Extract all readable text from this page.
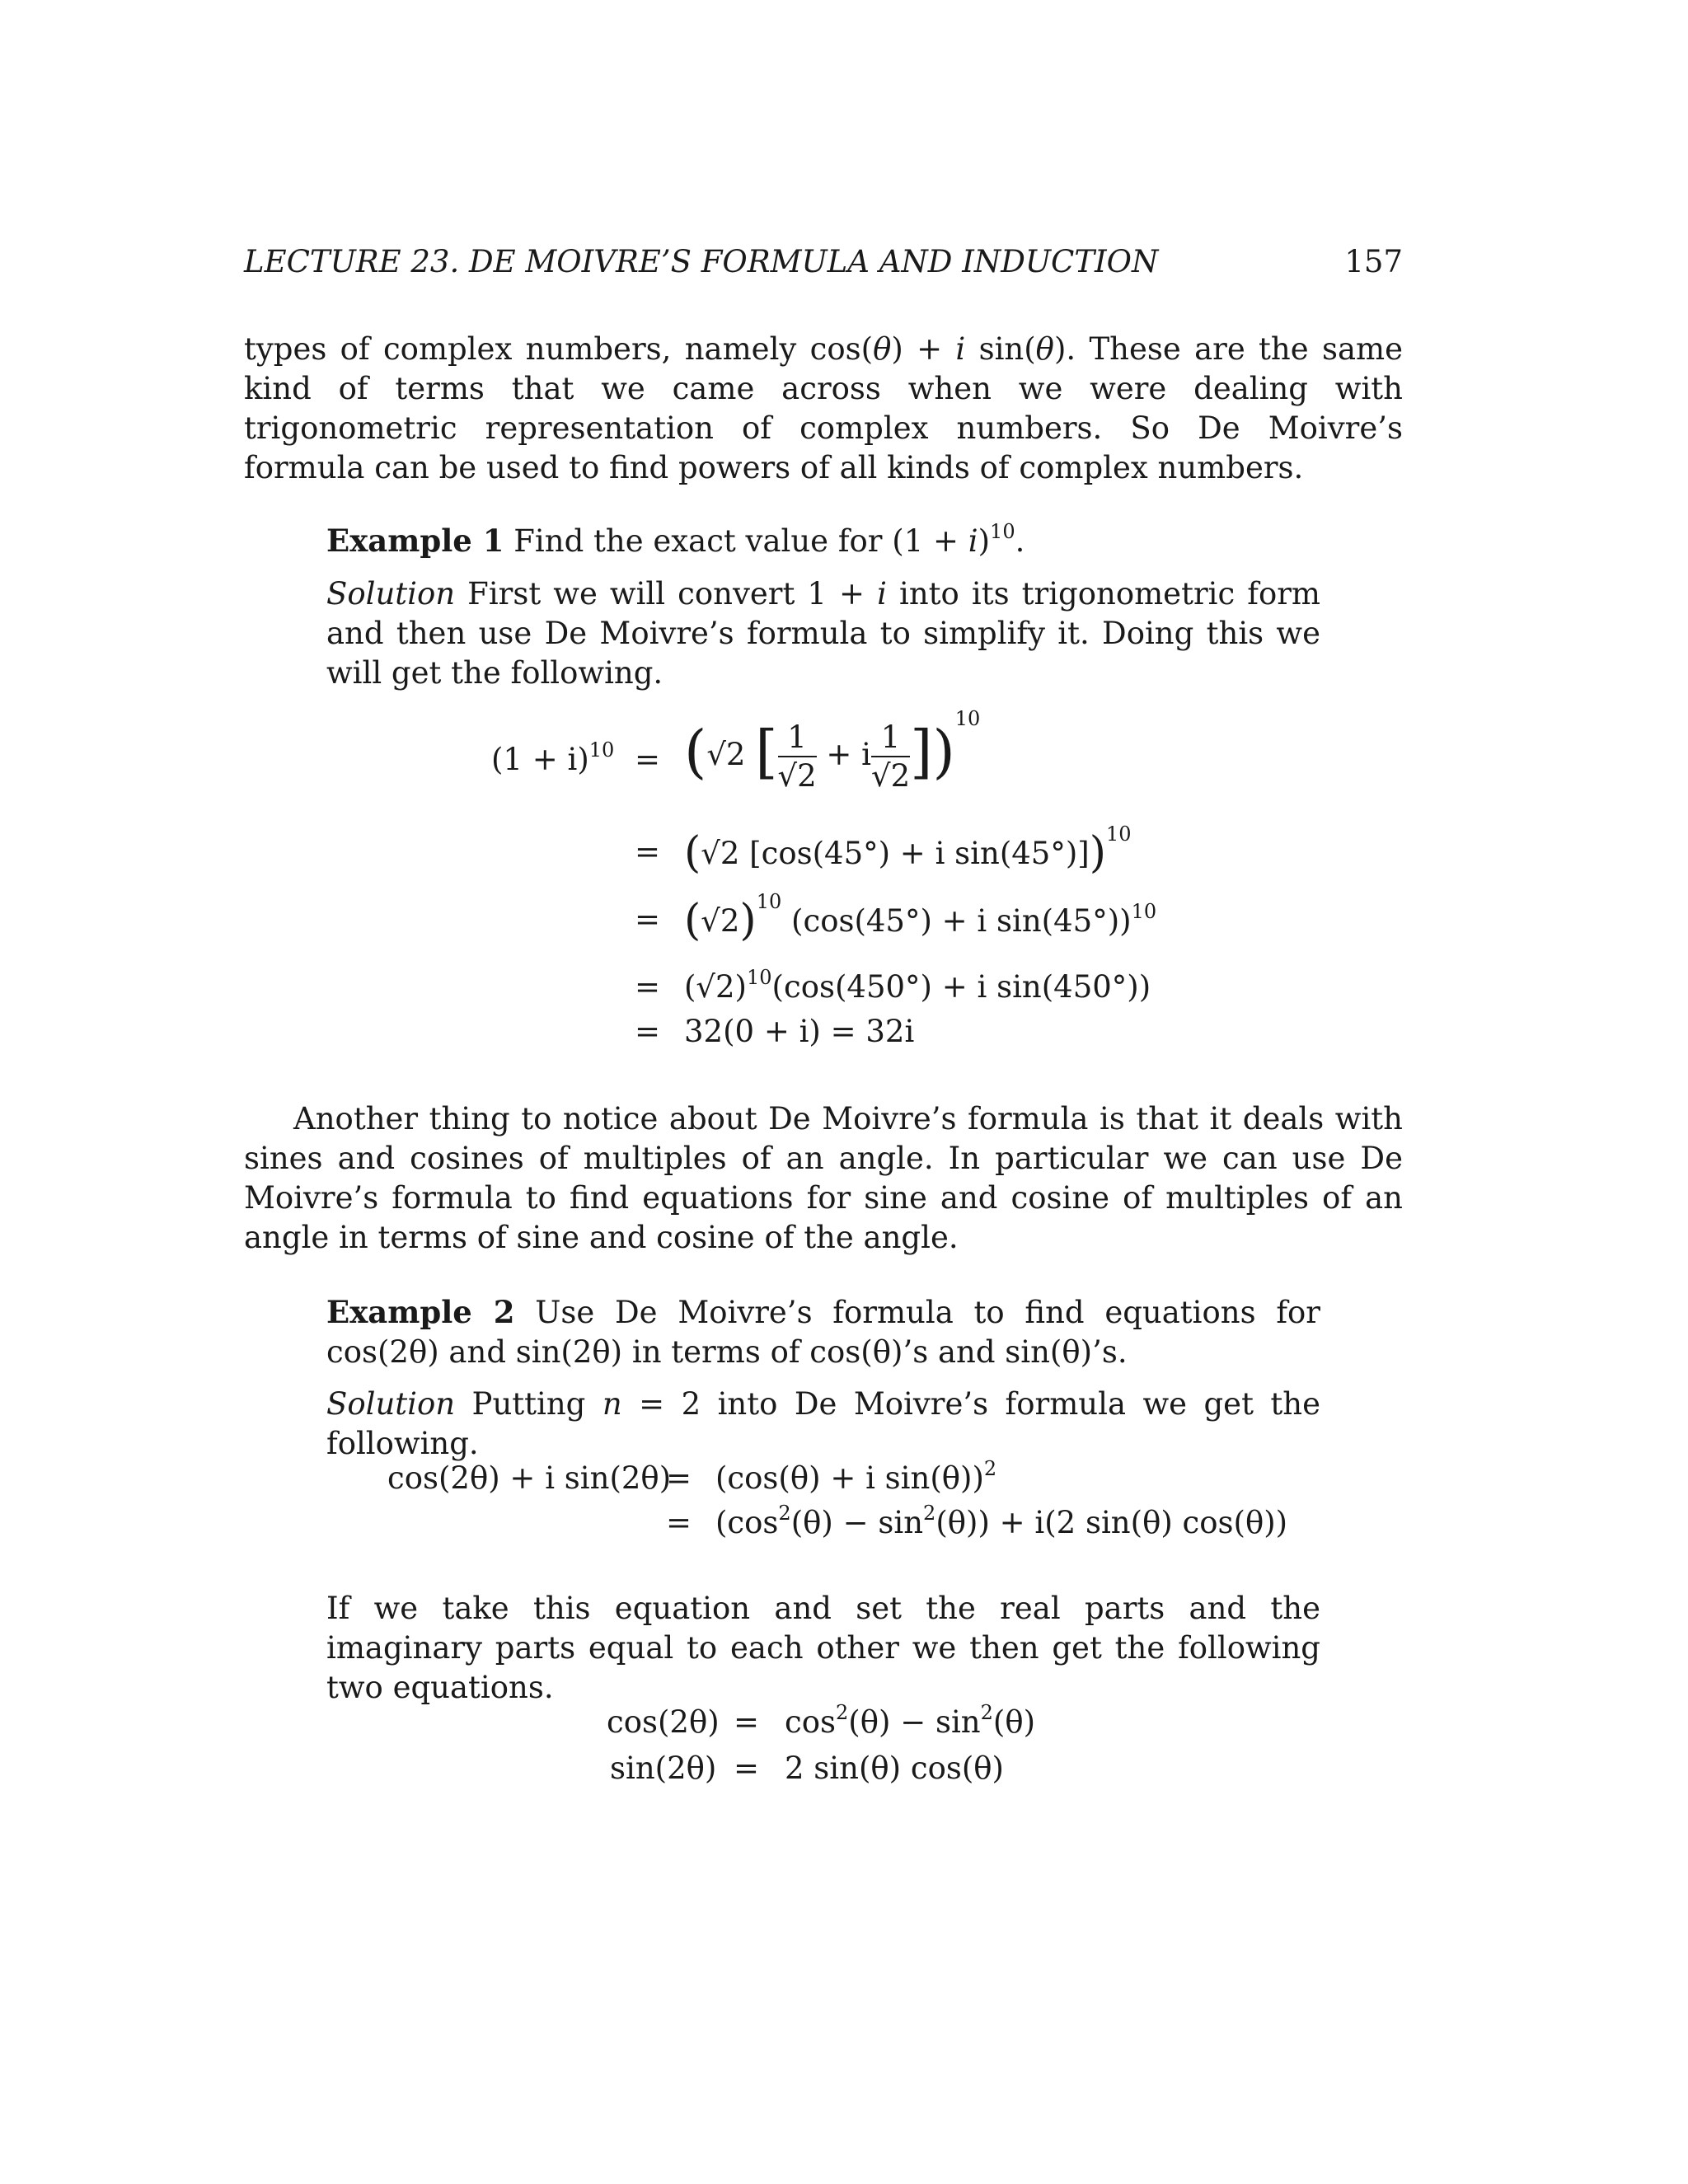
LECTURE 23. DE MOIVRE’S FORMULA AND INDUCTION	157
types of complex numbers, namely cos(θ) + i sin(θ). These are the same kind of terms that we came across when we were dealing with trigonometric representation of complex numbers. So De Moivre’s formula can be used to find powers of all kinds of complex numbers.
Example 1 Find the exact value for $(1 + i)^{10}$.
Solution First we will convert 1 + i into its trigonometric form and then use De Moivre’s formula to simplify it. Doing this we will get the following.
$(1 + i)^{10} = (√2$ [ $\frac{1}{√2} + i \frac{1}{√2} ])^{10}$
= (√2 [cos(45°) + i sin(45°)])$^{10}$
= $(√2)^{10}$ (cos(45°) + i sin(45°))$^{10}$
= $(√2)^{10}(\cos(450^\circ) + i$ sin(450°))
= 32(0 + i) = 32i
Another thing to notice about De Moivre’s formula is that it deals with sines and cosines of multiples of an angle. In particular we can use De Moivre’s formula to find equations for sine and cosine of multiples of an angle in terms of sine and cosine of the angle.
Example 2 Use De Moivre’s formula to find equations for cos(2θ) and sin(2θ) in terms of cos(θ)’s and sin(θ)’s.
Solution Putting n = 2 into De Moivre’s formula we get the following.
cos(2θ) + i sin(2θ)
= (cos(θ) + i sin(θ))$^2$
= $(\cos^2(\theta) - \sin^2(\theta)) + i(2$ sin(θ) cos(θ))
If we take this equation and set the real parts and the imaginary parts equal to each other we then get the following two equations.
$\cos(2\theta) = \cos^2(\theta) - \sin^2(\theta)$
sin(2θ) = 2 sin(θ) cos(θ)
